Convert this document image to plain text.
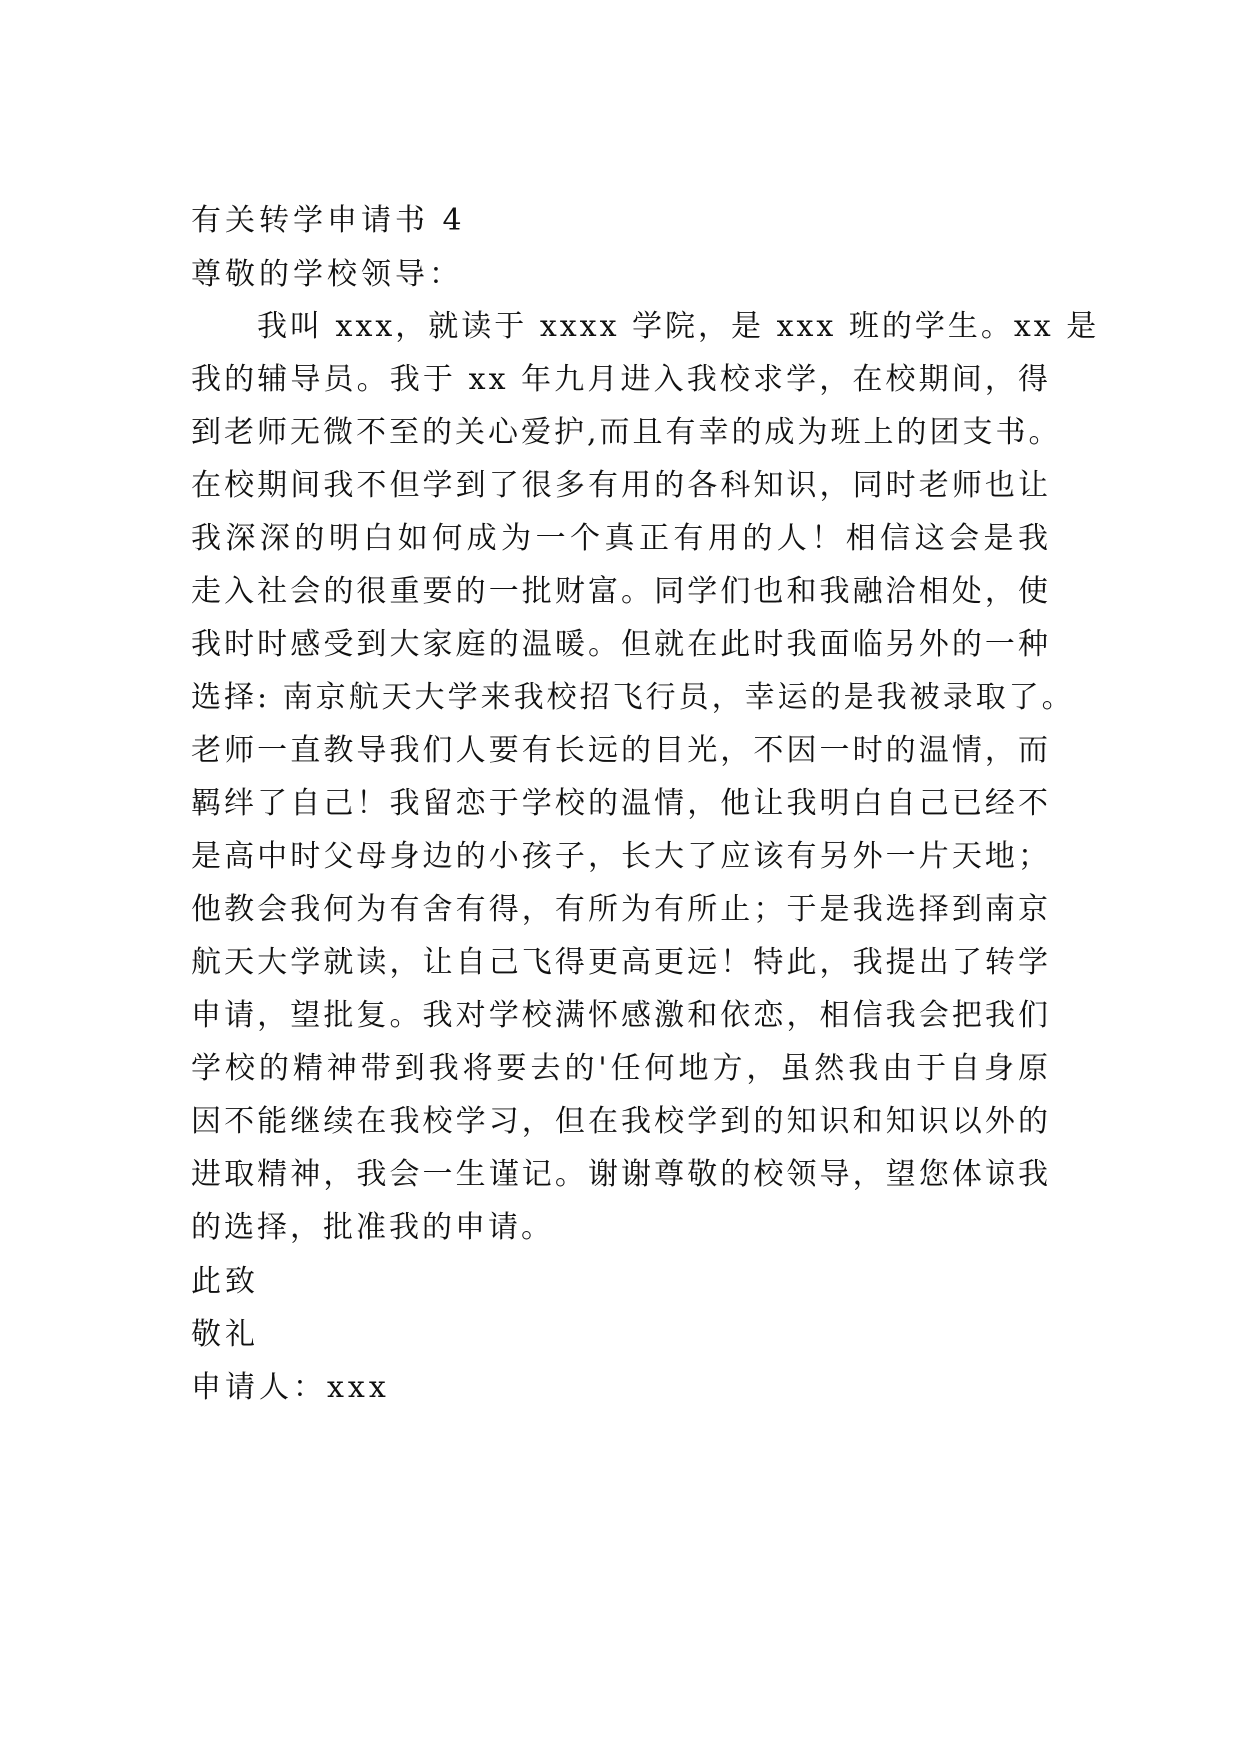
有关转学申请书 4
尊敬的学校领导：
我叫 xxx，就读于 xxxx 学院，是 xxx 班的学生。xx 是
我的辅导员。我于 xx 年九月进入我校求学，在校期间，得
到老师无微不至的关心爱护,而且有幸的成为班上的团支书。
在校期间我不但学到了很多有用的各科知识，同时老师也让
我深深的明白如何成为一个真正有用的人！相信这会是我
走入社会的很重要的一批财富。同学们也和我融洽相处，使
我时时感受到大家庭的温暖。但就在此时我面临另外的一种
选择: 南京航天大学来我校招飞行员，幸运的是我被录取了。
老师一直教导我们人要有长远的目光，不因一时的温情，而
羁绊了自己！我留恋于学校的温情，他让我明白自己已经不
是高中时父母身边的小孩子，长大了应该有另外一片天地；
他教会我何为有舍有得，有所为有所止；于是我选择到南京
航天大学就读，让自己飞得更高更远！特此，我提出了转学
申请，望批复。我对学校满怀感激和依恋，相信我会把我们
学校的精神带到我将要去的'任何地方，虽然我由于自身原
因不能继续在我校学习，但在我校学到的知识和知识以外的
进取精神，我会一生谨记。谢谢尊敬的校领导，望您体谅我
的选择，批准我的申请。
此致
敬礼
申请人：xxx
